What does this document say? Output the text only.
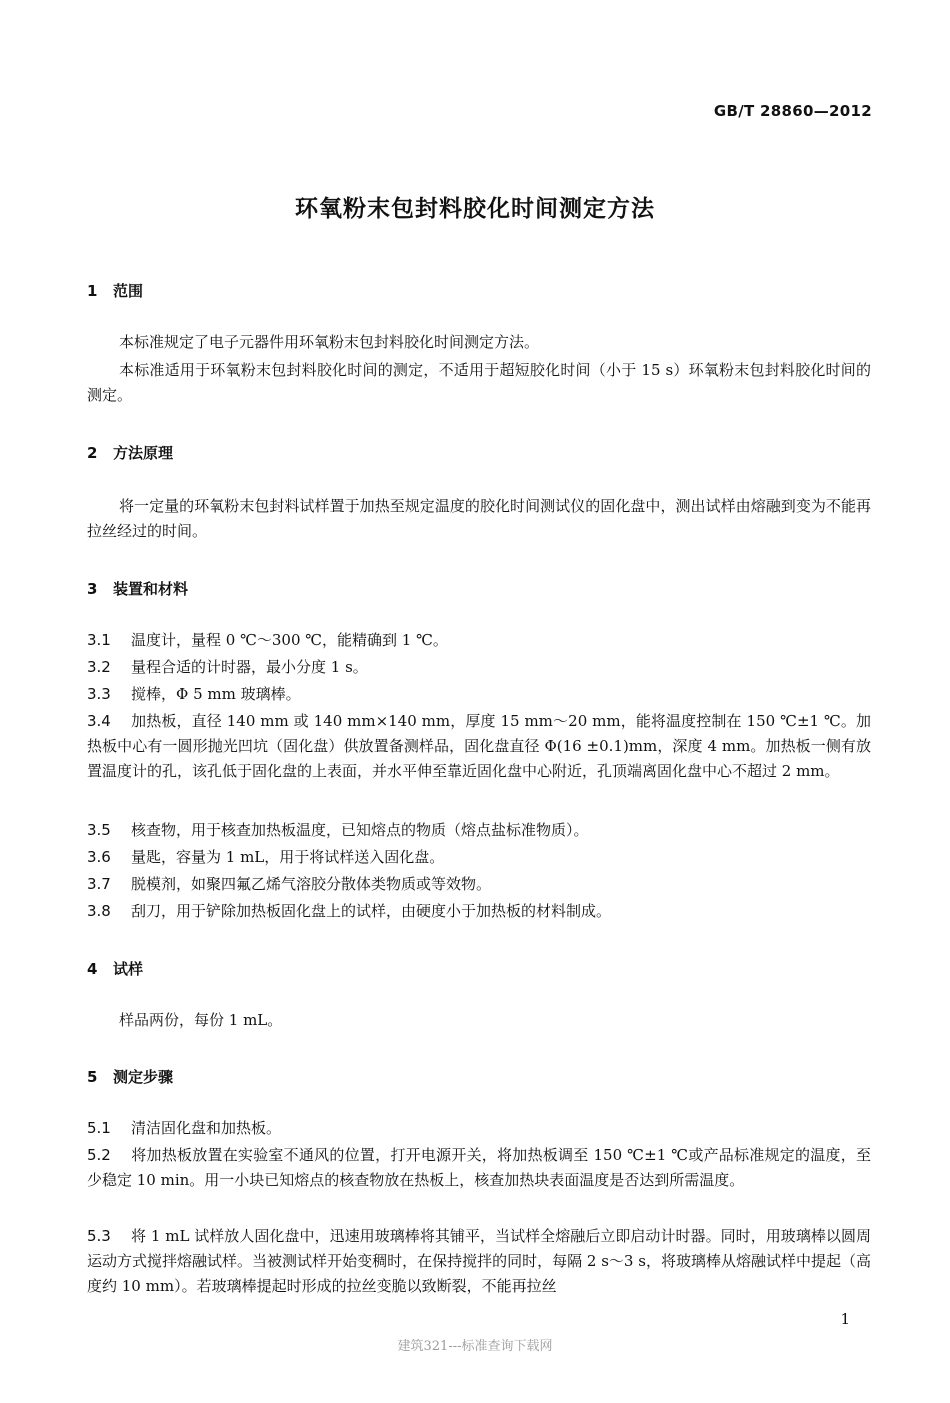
GB/T 28860—2012
环氧粉末包封料胶化时间测定方法
1 范围
本标准规定了电子元器件用环氧粉末包封料胶化时间测定方法。
本标准适用于环氧粉末包封料胶化时间的测定，不适用于超短胶化时间（小于 15 s）环氧粉末包封料胶化时间的测定。
2 方法原理
将一定量的环氧粉末包封料试样置于加热至规定温度的胶化时间测试仪的固化盘中，测出试样由熔融到变为不能再拉丝经过的时间。
3 装置和材料
3.1 温度计，量程 0 ℃～300 ℃，能精确到 1 ℃。
3.2 量程合适的计时器，最小分度 1 s。
3.3 搅棒，Φ 5 mm 玻璃棒。
3.4 加热板，直径 140 mm 或 140 mm×140 mm，厚度 15 mm～20 mm，能将温度控制在 150 ℃±1 ℃。加热板中心有一圆形抛光凹坑（固化盘）供放置备测样品，固化盘直径 Φ(16 ±0.1)mm，深度 4 mm。加热板一侧有放置温度计的孔，该孔低于固化盘的上表面，并水平伸至靠近固化盘中心附近，孔顶端离固化盘中心不超过 2 mm。
3.5 核查物，用于核查加热板温度，已知熔点的物质（熔点盐标准物质）。
3.6 量匙，容量为 1 mL，用于将试样送入固化盘。
3.7 脱模剂，如聚四氟乙烯气溶胶分散体类物质或等效物。
3.8 刮刀，用于铲除加热板固化盘上的试样，由硬度小于加热板的材料制成。
4 试样
样品两份，每份 1 mL。
5 测定步骤
5.1 清洁固化盘和加热板。
5.2 将加热板放置在实验室不通风的位置，打开电源开关，将加热板调至 150 ℃±1 ℃或产品标准规定的温度，至少稳定 10 min。用一小块已知熔点的核查物放在热板上，核查加热块表面温度是否达到所需温度。
5.3 将 1 mL 试样放人固化盘中，迅速用玻璃棒将其铺平，当试样全熔融后立即启动计时器。同时，用玻璃棒以圆周运动方式搅拌熔融试样。当被测试样开始变稠时，在保持搅拌的同时，每隔 2 s～3 s，将玻璃棒从熔融试样中提起（高度约 10 mm）。若玻璃棒提起时形成的拉丝变脆以致断裂，不能再拉丝
1
建筑321---标准查询下载网
